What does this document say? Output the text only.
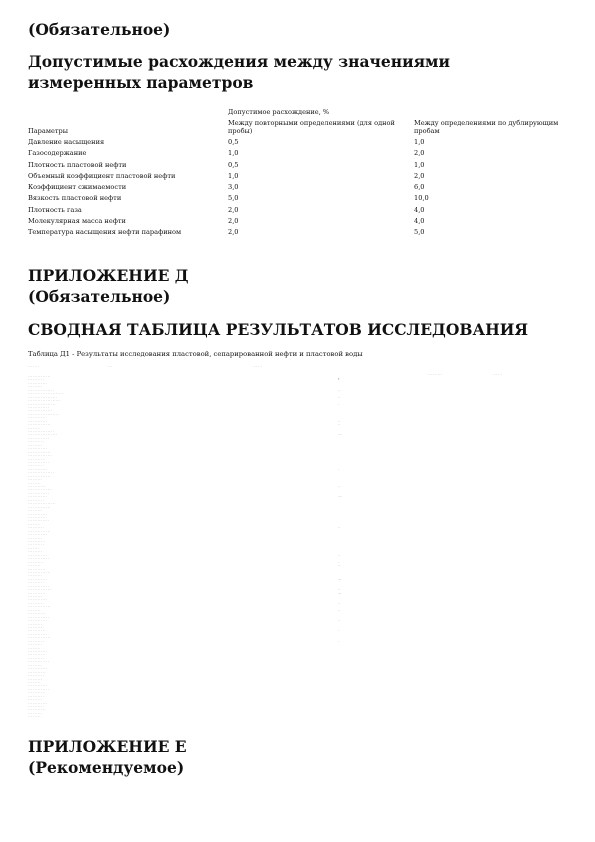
(Обязательное)
Допустимые расхождения между значениями измеренных параметров
	Допустимое расхождение, %	
Параметры	Между повторными определениями (для одной пробы)	Между определениями по дублирующим пробам
Давление насыщения	0,5	1,0
Газосодержание	1,0	2,0
Плотность пластовой нефти	0,5	1,0
Объемный коэффициент пластовой нефти	1,0	2,0
Коэффициент сжимаемости	3,0	6,0
Вязкость пластовой нефти	5,0	10,0
Плотность газа	2,0	4,0
Молекулярная масса нефти	2,0	4,0
Температура насыщения нефти парафином	2,0	5,0
ПРИЛОЖЕНИЕ Д
(Обязательное)
СВОДНАЯ ТАБЛИЦА РЕЗУЛЬТАТОВ ИССЛЕДОВАНИЯ
Таблица Д1 - Результаты исследования пластовой, сепарированной нефти и пластовой воды
· · · · · · ·	· · ·	· · · · · ·
· · · · · · · · ·	· · · · · ·
· · · · · · · · · · · · · ·
· · · · · · · · · ·	•
· · · · · · · · · · · ·
· · · · · · · · ·
· · · · · · · · · · · · · · · ·	··
· · · · · · · · · · · · · · · · · · · · · ·
· · · · · · · · · · · · · · · · · ·	··
· · · · · · · · · · · · · · · · · · · ·
· · · · · · · · · · · · · · · · ·	·
· · · · · · · · · · · · ·
· · · · · · · · · · · · · · ·
· · · · · · · · · · · · · · · · · · ·
· · · · · · · · · · ·
· · · · · · · · · · · ·	··
· · · · · · · · · · · · · ·	··
· · · · · · · ·
· · · · · · · · · · · · · · · ·
· · · · · · · · · · · · · · · · · ·	·· ··
· · · · · · · · · · · · ·
· · · · · · · · · ·
· · · · · · · · ·
· · · · · · · · · · · ·
· · · · · · · · · · · · · ·
· · · · · · · · · · · · · · ·
· · · · · · · · · · ·
· · · · · · · · · · · · ·
· · · · · · · · · ·
· · · · · · · · · · · ·	·
· · · · · · · · · · · · · · · ·
· · · · · · · · · · · · · ·
· · · · · · · · ·
· · · · · · · ·
· · · · · · · · · · ·	··
· · · · · · · · · · · · · · ·
· · · · · · · · · · · · ·
· · · · · · · · · · · ·	·· ··
· · · · · · · · · ·
· · · · · · · · · · · · · · · · ·
· · · · · · · · · · · · · ·
· · · · · · · · ·
· · · · · · · · · · · ·
· · · · · · · · · · ·
· · · · · · · · · · · · ·
· · · · · · · ·
· · · · · · · · · ·	··
· · · · · · · · · · · · · ·
· · · · · · · · · · · ·
· · · · · · · · ·
· · · · · · · · · · ·
· · · · · · · · · ·
· · · · · · ·
· · · · · · · · ·
· · · · · · · · · · · ·	··
· · · · · · · · · · · · ·
· · · · · · · · · ·	·
· · · · · · · ·	··
· · · · · · · · · · ·
· · · · · · · · · · · · · ·
· · · · · · · · ·
· · · · · · · · · · · ·	····
· · · · · · · · · ·
· · · · · · · · · · · · ·
· · · · · · · · · · · · · · ·	··
· · · · · · · · · · ·	····
· · · · · · · · ·
· · · · · · · · · · · ·
· · · · · · · · · ·	··
· · · · · · · · · · · · · ·
· · · · · · · ·	··
· · · · · · · · · · ·
· · · · · · · · · · · · ·
· · · · · · · · · · · ·	··
· · · · · · · · ·
· · · · · · · · · ·
· · · · · · · · · · ·	·
· · · · · · · · · · · ·
· · · · · · · · · · · · · ·
· · · · · · · · · ·	·
· · · · · · · · ·
· · · · · · · ·
· · · · · · · · · · · ·
· · · · · · · · · · ·
· · · · · · · · · ·
· · · · · · · · · · · · ·
· · · · · · · · ·
· · · · · · · · · · · ·
· · · · · · · · · · ·
· · · · · · · · · ·
· · · · · · · · ·
· · · · · · · ·
· · · · · · · · · · · ·
· · · · · · · · · · · · ·
· · · · · · · · · · ·
· · · · · · · · · ·
· · · · · · · · ·
· · · · · · · · · · · ·
· · · · · · · · · ·
· · · · · · · · · · ·
· · · · · · · · ·
· · · · · · · ·
ПРИЛОЖЕНИЕ Е
(Рекомендуемое)
